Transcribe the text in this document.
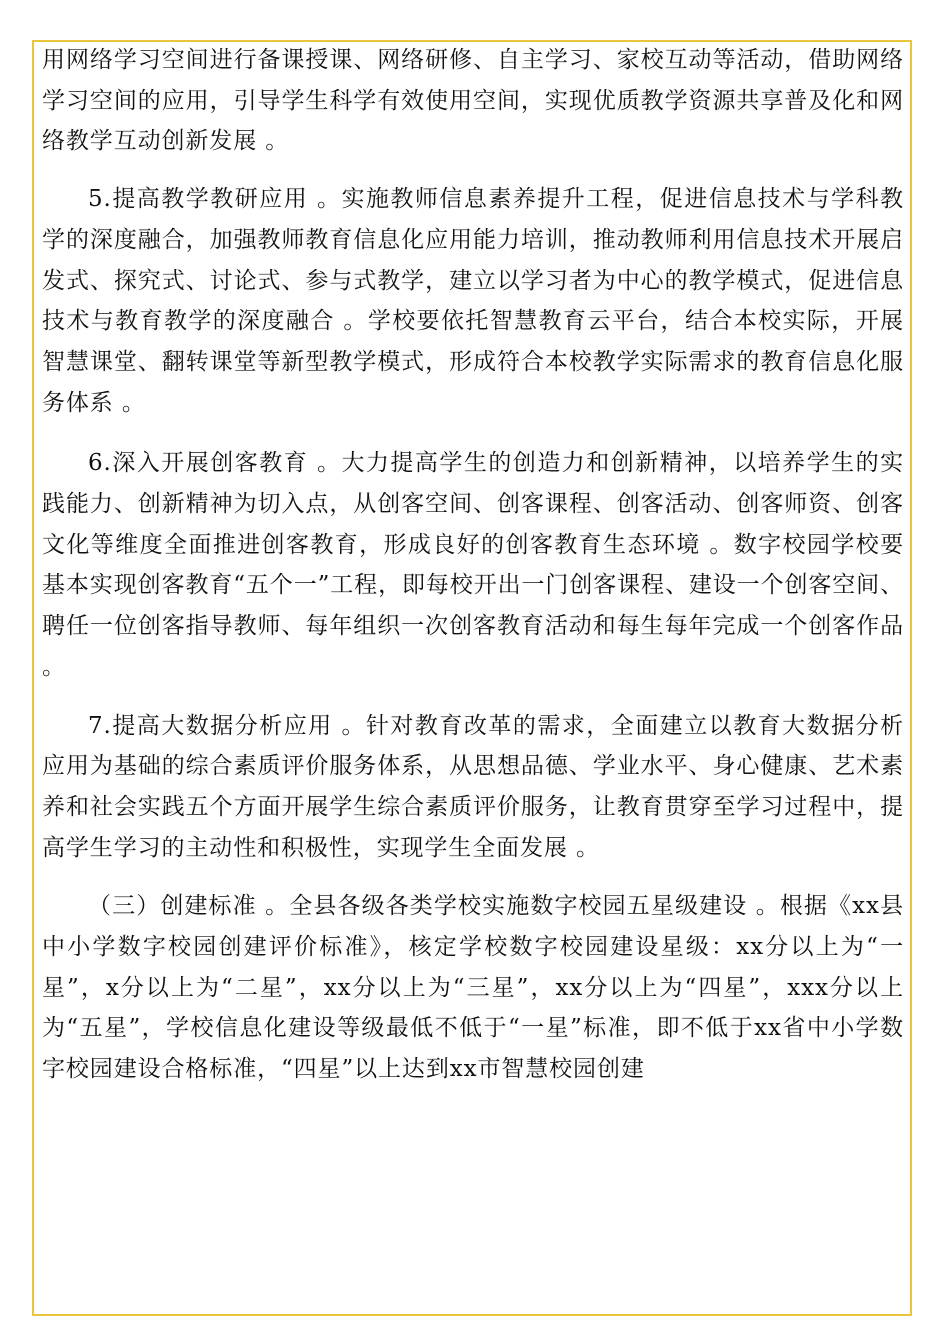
用网络学习空间进行备课授课、网络研修、自主学习、家校互动等活动，借助网络学习空间的应用，引导学生科学有效使用空间，实现优质教学资源共享普及化和网络教学互动创新发展 。

5.提高教学教研应用 。实施教师信息素养提升工程，促进信息技术与学科教学的深度融合，加强教师教育信息化应用能力培训，推动教师利用信息技术开展启发式、探究式、讨论式、参与式教学，建立以学习者为中心的教学模式，促进信息技术与教育教学的深度融合 。学校要依托智慧教育云平台，结合本校实际，开展智慧课堂、翻转课堂等新型教学模式，形成符合本校教学实际需求的教育信息化服务体系 。

6.深入开展创客教育 。大力提高学生的创造力和创新精神，以培养学生的实践能力、创新精神为切入点，从创客空间、创客课程、创客活动、创客师资、创客文化等维度全面推进创客教育，形成良好的创客教育生态环境 。数字校园学校要基本实现创客教育“五个一”工程，即每校开出一门创客课程、建设一个创客空间、聘任一位创客指导教师、每年组织一次创客教育活动和每生每年完成一个创客作品 。

7.提高大数据分析应用 。针对教育改革的需求，全面建立以教育大数据分析应用为基础的综合素质评价服务体系，从思想品德、学业水平、身心健康、艺术素养和社会实践五个方面开展学生综合素质评价服务，让教育贯穿至学习过程中，提高学生学习的主动性和积极性，实现学生全面发展 。

（三）创建标准 。全县各级各类学校实施数字校园五星级建设 。根据《xx县中小学数字校园创建评价标准》，核定学校数字校园建设星级：xx分以上为“一星”，x分以上为“二星”，xx分以上为“三星”，xx分以上为“四星”，xxx分以上为“五星”，学校信息化建设等级最低不低于“一星”标准，即不低于xx省中小学数字校园建设合格标准，“四星”以上达到xx市智慧校园创建
